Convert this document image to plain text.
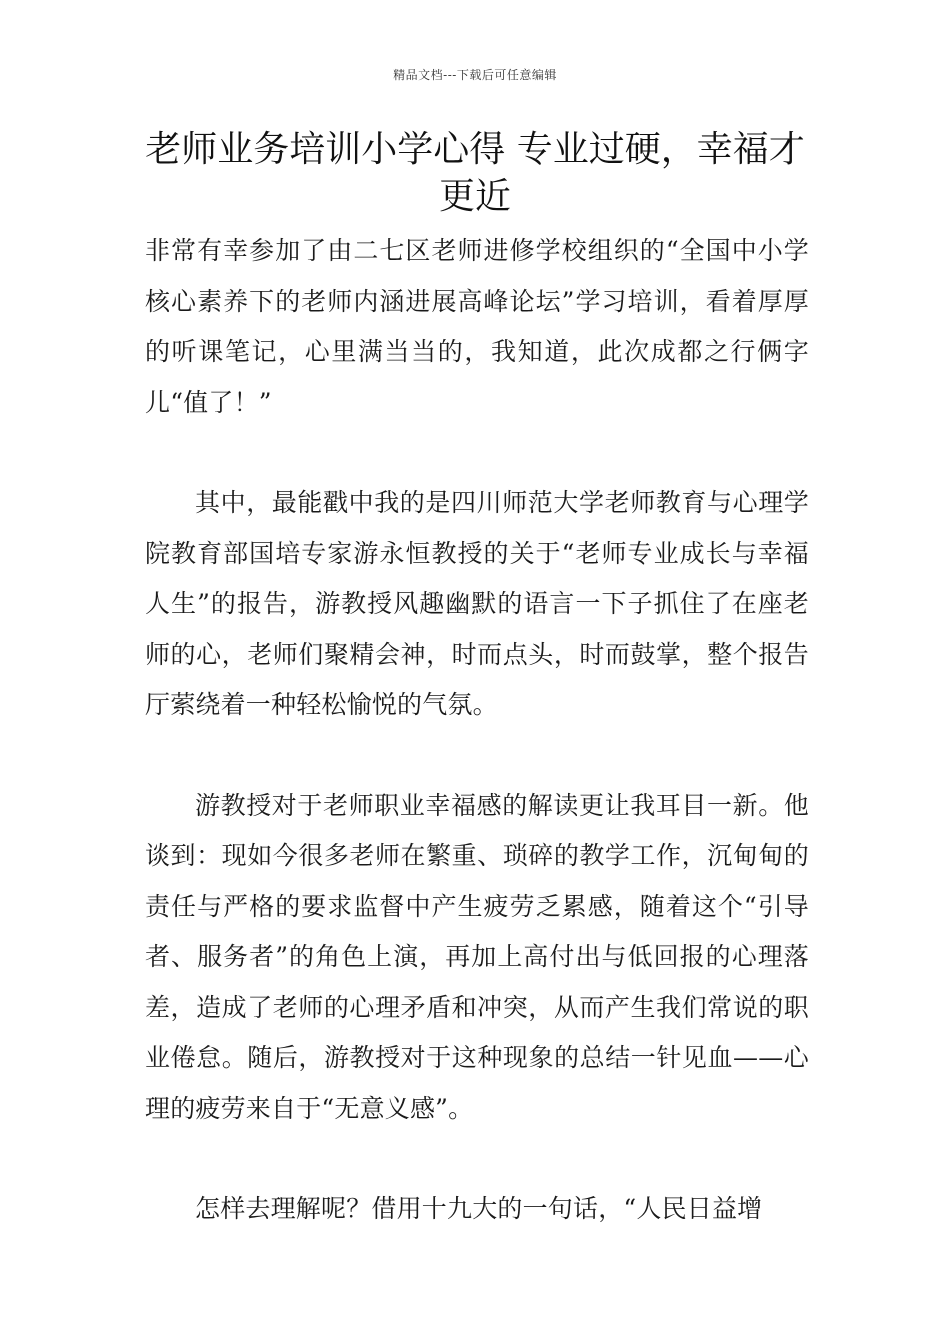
精品文档---下载后可任意编辑
老师业务培训小学心得 专业过硬，幸福才更近

非常有幸参加了由二七区老师进修学校组织的“全国中小学核心素养下的老师内涵进展高峰论坛”学习培训，看着厚厚的听课笔记，心里满当当的，我知道，此次成都之行俩字儿“值了！”

其中，最能戳中我的是四川师范大学老师教育与心理学院教育部国培专家游永恒教授的关于“老师专业成长与幸福人生”的报告，游教授风趣幽默的语言一下子抓住了在座老师的心，老师们聚精会神，时而点头，时而鼓掌，整个报告厅萦绕着一种轻松愉悦的气氛。

游教授对于老师职业幸福感的解读更让我耳目一新。他谈到：现如今很多老师在繁重、琐碎的教学工作，沉甸甸的责任与严格的要求监督中产生疲劳乏累感，随着这个“引导者、服务者”的角色上演，再加上高付出与低回报的心理落差，造成了老师的心理矛盾和冲突，从而产生我们常说的职业倦怠。随后，游教授对于这种现象的总结一针见血——心理的疲劳来自于“无意义感”。

怎样去理解呢？借用十九大的一句话，“人民日益增
